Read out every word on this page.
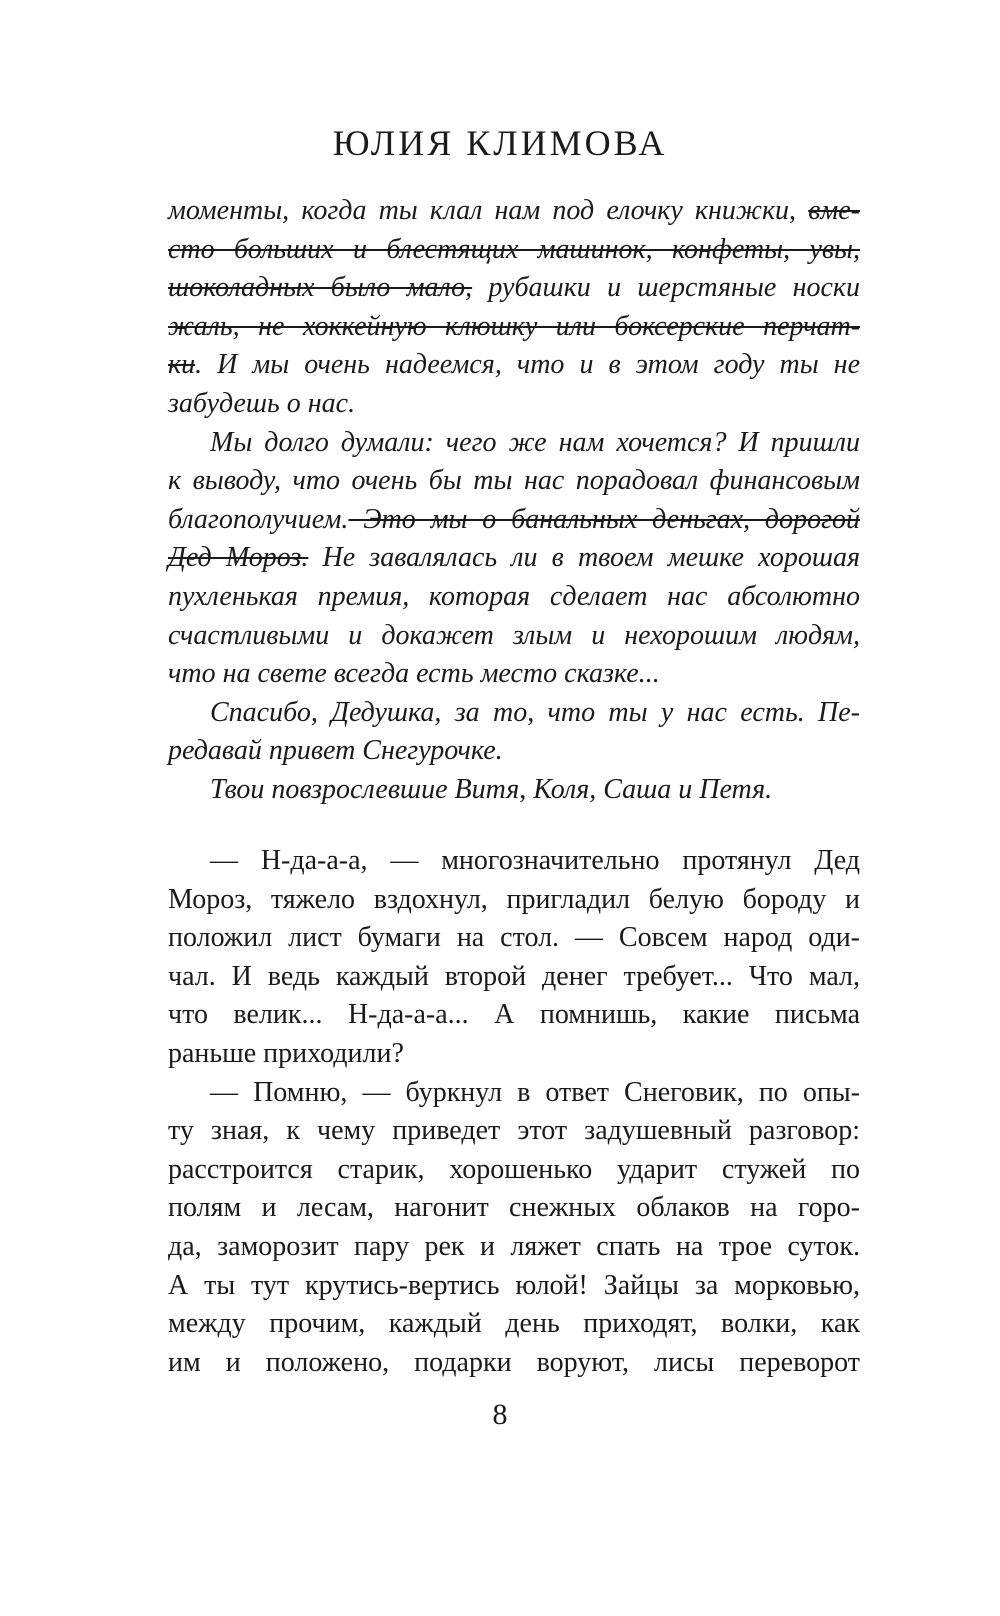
ЮЛИЯ КЛИМОВА

моменты, когда ты клал нам под елочку книжки, вме-

сто больших и блестящих машинок, конфеты, увы,

шоколадных было мало, рубашки и шерстяные носки

жаль, не хоккейную клюшку или боксерские перчат-

ки. И мы очень надеемся, что и в этом году ты не

забудешь о нас.

Мы долго думали: чего же нам хочется? И пришли

к выводу, что очень бы ты нас порадовал финансовым

благополучием. Это мы о банальных деньгах, дорогой

Дед Мороз. Не завалялась ли в твоем мешке хорошая

пухленькая премия, которая сделает нас абсолютно

счастливыми и докажет злым и нехорошим людям,

что на свете всегда есть место сказке...

Спасибо, Дедушка, за то, что ты у нас есть. Пе-

редавай привет Снегурочке.

Твои повзрослевшие Витя, Коля, Саша и Петя.

— Н-да-а-а, — многозначительно протянул Дед

Мороз, тяжело вздохнул, пригладил белую бороду и

положил лист бумаги на стол. — Совсем народ оди-

чал. И ведь каждый второй денег требует... Что мал,

что велик... Н-да-а-а... А помнишь, какие письма

раньше приходили?

— Помню, — буркнул в ответ Снеговик, по опы-

ту зная, к чему приведет этот задушевный разговор:

расстроится старик, хорошенько ударит стужей по

полям и лесам, нагонит снежных облаков на горо-

да, заморозит пару рек и ляжет спать на трое суток.

А ты тут крутись-вертись юлой! Зайцы за морковью,

между прочим, каждый день приходят, волки, как

им и положено, подарки воруют, лисы переворот

8
